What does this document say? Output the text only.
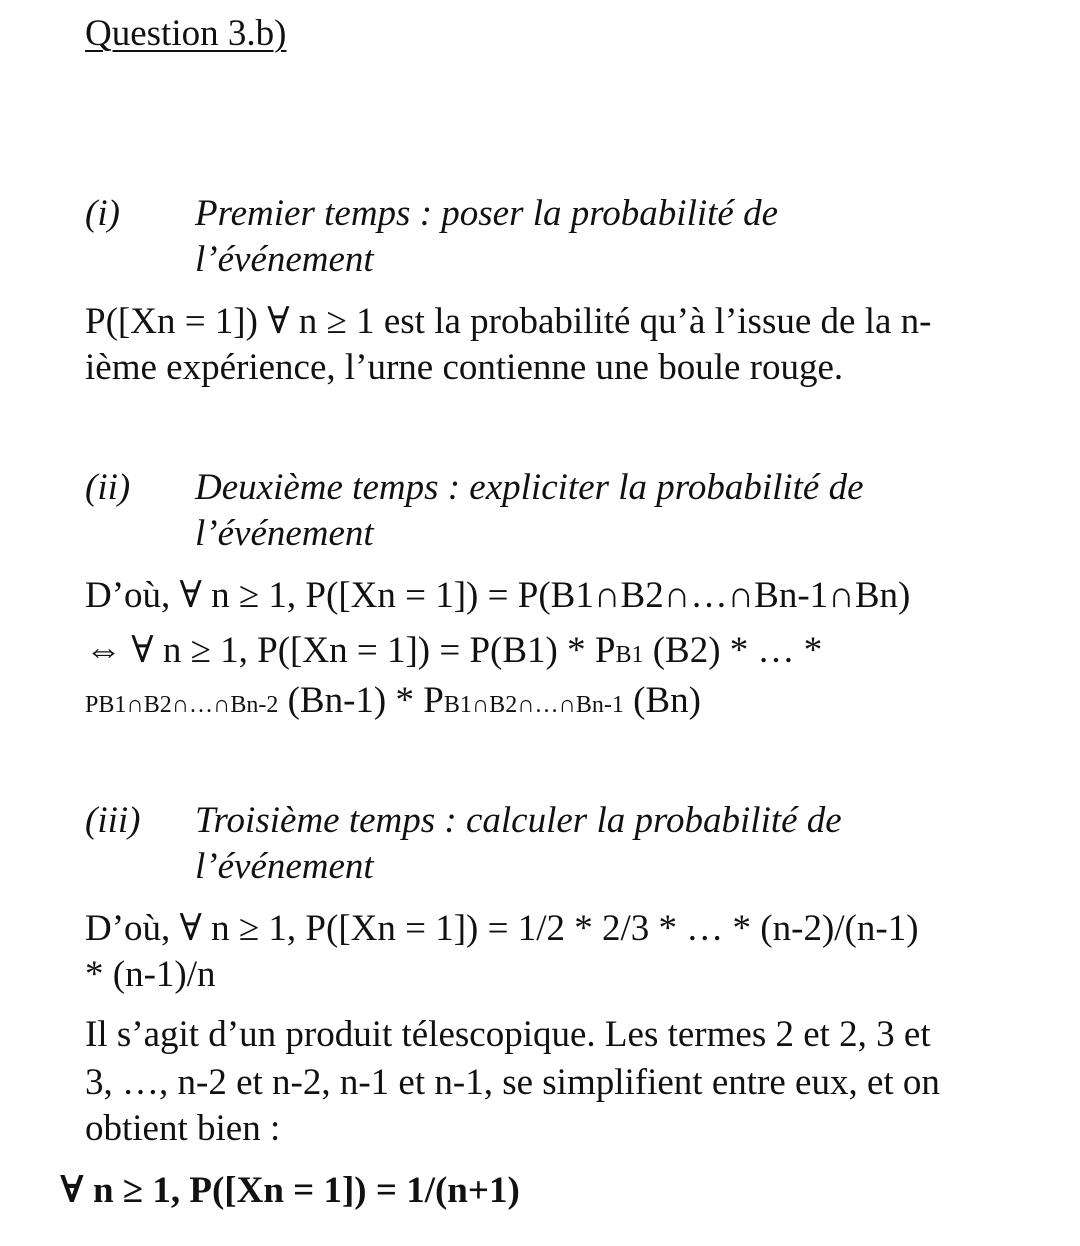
Question 3.b)
(i) Premier temps : poser la probabilité de
l’événement
P([Xn = 1]) ∀ n ≥ 1 est la probabilité qu’à l’issue de la n-
ième expérience, l’urne contienne une boule rouge.
(ii) Deuxième temps : expliciter la probabilité de
l’événement
D’où, ∀ n ≥ 1, P([Xn = 1]) = P(B1∩B2∩…∩Bn-1∩Bn)
⇔ ∀ n ≥ 1, P([Xn = 1]) = P(B1) * PB1 (B2) * … *
PB1∩B2∩…∩Bn-2 (Bn-1) * PB1∩B2∩…∩Bn-1 (Bn)
(iii) Troisième temps : calculer la probabilité de
l’événement
D’où, ∀ n ≥ 1, P([Xn = 1]) = 1/2 * 2/3 * … * (n-2)/(n-1)
* (n-1)/n
Il s’agit d’un produit télescopique. Les termes 2 et 2, 3 et
3, …, n-2 et n-2, n-1 et n-1, se simplifient entre eux, et on
obtient bien :
∀ n ≥ 1, P([Xn = 1]) = 1/(n+1)
